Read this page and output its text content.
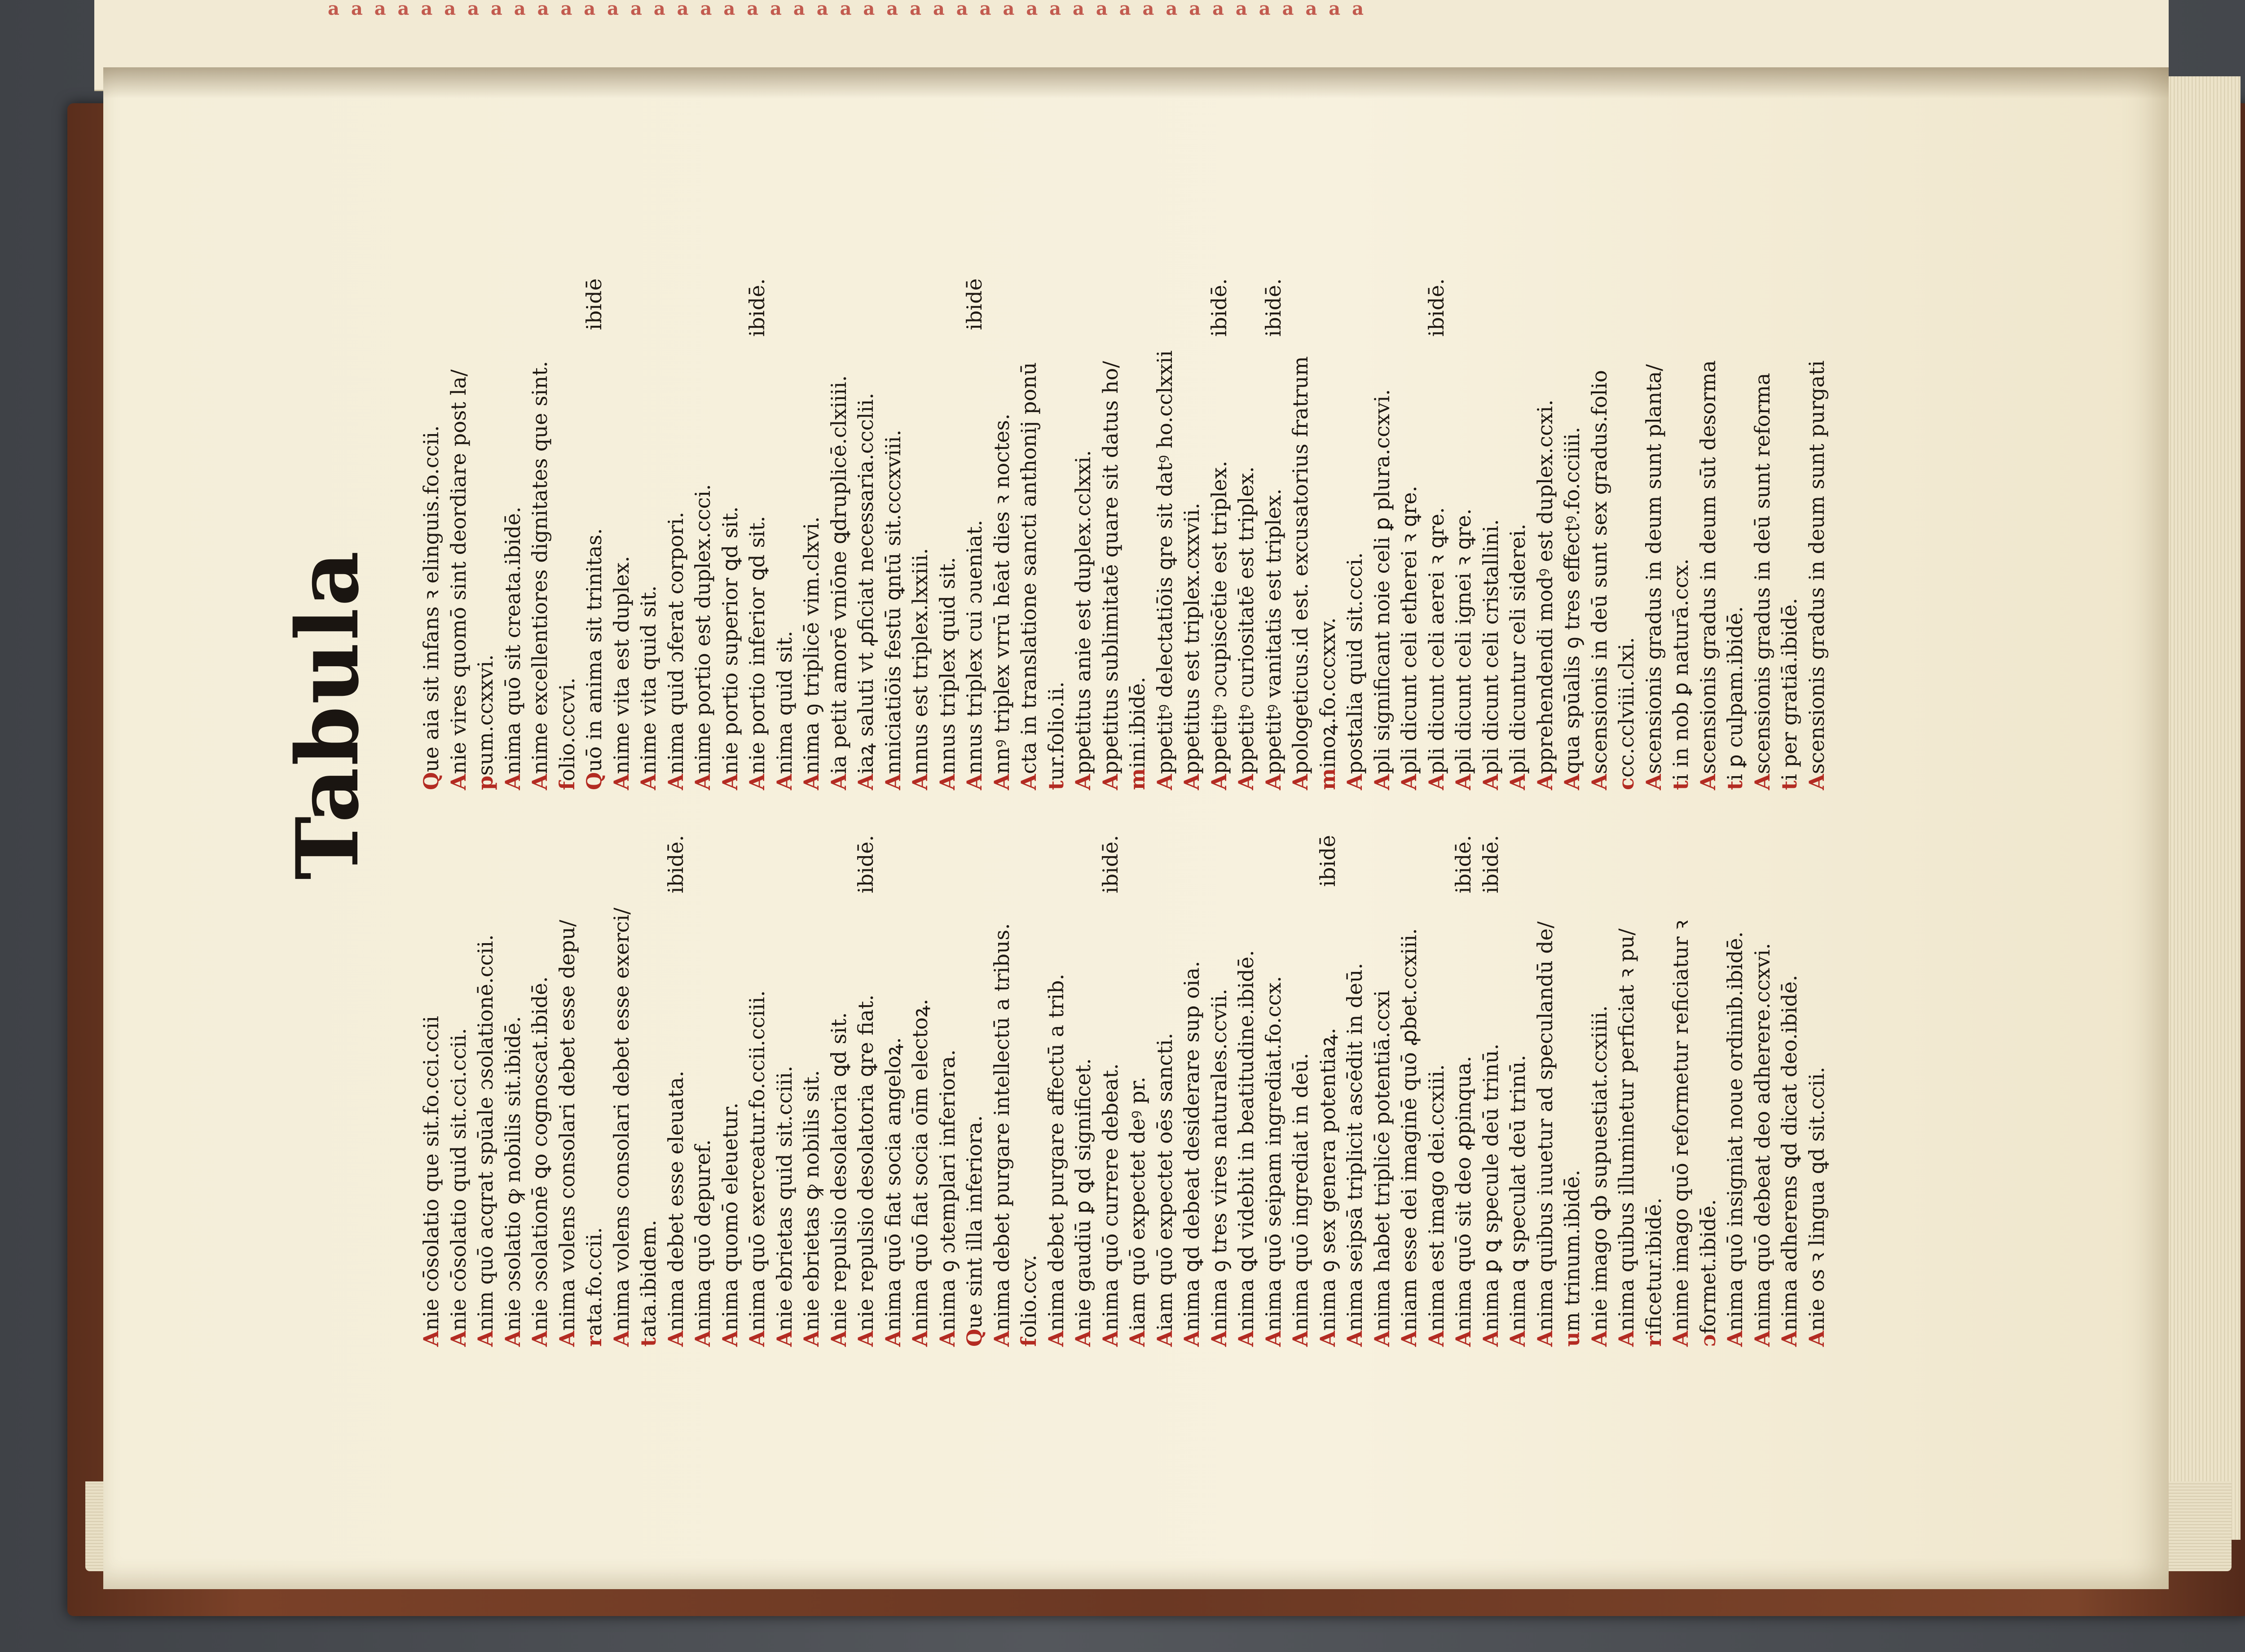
a a a a a a a a a a a a a a a a a a a a a a a a a a a a a a a a a a a a a a a a a a a a a
Tabula
Anie cōsolatio que sit.fo.cci.ccii
Anie cōsolatio quid sit.cci.ccii.
Anim quō acqrat spūale ɔsolationē.ccii.
Anie ɔsolatio ꝙ nobilis sit.ibidē.
Anie ɔsolationē ꝗo cognoscat.ibidē.
Anima volens consolari debet esse depu/
rata.fo.ccii.
Anima volens consolari debet esse exerci/
tata.ibidem.
Anima debet esse eleuata.
ibidē.
Anima quō depuref.
Anima quomō eleuetur.
Anima quō exerceatur.fo.ccii.cciii.
Anie ebrietas quid sit.cciii.
Anie ebrietas ꝙ nobilis sit.
Anie repulsio desolatoria ꝗd sit.
Anie repulsio desolatoria ꝗre fiat.
ibidē.
Anima quō fiat socia angeloꝝ.
Anima quō fiat socia oīm electoꝝ.
Anima ꝯ ɔtemplari inferiora.
Que sint illa inferiora.
Anima debet purgare intellectū a tribus.
folio.ccv.
Anima debet purgare affectū a trib.
Anie gaudiū ꝑ ꝗd significet.
Anima quō currere debeat.
ibidē.
Aiam quō expectet deꝰ pr.
Aiam quō expectet oēs sancti.
Anima ꝗd debeat desiderare sup oia.
Anima ꝯ tres vires naturales.ccvii.
Anima ꝗd videbit in beatitudine.ibidē.
Anima quō seipam ingrediat.fo.ccx.
Anima quō ingrediat in deū.
Anima ꝯ sex genera potentiaꝝ.
ibidē
Anima seipsā triplicit ascēdit in deū.
Anima habet triplicē potentiā.ccxi
Aniam esse dei imaginē quō ꝓbet.ccxiii.
Anima est imago dei.ccxiii.
Anima quō sit deo ꝓpinqua.
ibidē.
Anima ꝑ ꝗ specule deū trinū.
ibidē.
Anima ꝗ speculat deū trinū.
Anima quibus iuuetur ad speculandū de/
um trinum.ibidē.
Anie imago ꝗb supuestiat.ccxiiii.
Anima quibus illuminetur perficiat ꝛ pu/
rificetur.ibidē.
Anime imago quō reformetur reficiatur ꝛ
ɔformet.ibidē.
Anima quō insigniat noue ordinib.ibidē.
Anima quō debeat deo adherere.ccxvi.
Anima adherens ꝗd dicat deo.ibidē.
Anie os ꝛ lingua ꝗd sit.ccii.
Que aia sit infans ꝛ elinguis.fo.ccii.
Anie vires quomō sint deordiare post la/
psum.ccxxvi.
Anima quō sit creata.ibidē.
Anime excellentiores dignitates que sint.
folio.cccvi. Quō in anima sit trinitas.
ibidē
Anime vita est duplex.
Anime vita quid sit.
Anima quid ɔferat corpori.
Anime portio est duplex.ccci.
Anie portio superior ꝗd sit.
Anie portio inferior ꝗd sit.
ibidē.
Anima quid sit.
Anima ꝯ triplicē vim.clxvi.
Aia petit amorē vniōne ꝗdruplicē.clxiiii.
Aiaꝝ saluti vt ꝓficiat necessaria.ccclii.
Anniciatiōis festū ꝗntū sit.cccxviii.
Annus est triplex.lxxiii.
Annus triplex quid sit.
Annus triplex cui ɔueniat.
ibidē
Annꝰ triplex vrrū hēat dies ꝛ noctes.
Acta in translatione sancti anthonij ponū
tur.folio.ii.
Appetitus anie est duplex.cclxxi.
Appetitus sublimitatē quare sit datus ho/
mini.ibidē.
Appetitꝰ delectatiōis ꝗre sit datꝰ ho.cclxxii
Appetitus est triplex.cxxvii.
Appetitꝰ ɔcupiscētie est triplex.
ibidē.
Appetitꝰ curiositatē est triplex.
Appetitꝰ vanitatis est triplex.
ibidē.
Apologeticus.id est. excusatorius fratrum
minoꝝ.fo.cccxxv.
Apostalia quid sit.ccci.
Apli significant noie celi ꝑ plura.ccxvi.
Apli dicunt celi etherei ꝛ ꝗre.
Apli dicunt celi aerei ꝛ ꝗre.
ibidē.
Apli dicunt celi ignei ꝛ ꝗre.
Apli dicunt celi cristallini.
Apli dicuntur celi siderei.
Apprehendendi modꝰ est duplex.ccxi.
Aqua spūalis ꝯ tres effectꝰ.fo.cciiii.
Ascensionis in deū sunt sex gradus.folio
ccc.cclviii.clxi.
Ascensionis gradus in deum sunt planta/
ti in nob ꝑ naturā.ccx.
Ascensionis gradus in deum sūt desorma
ti ꝑ culpam.ibidē.
Ascensionis gradus in deū sunt reforma
ti per gratiā.ibidē.
Ascensionis gradus in deum sunt purgati
